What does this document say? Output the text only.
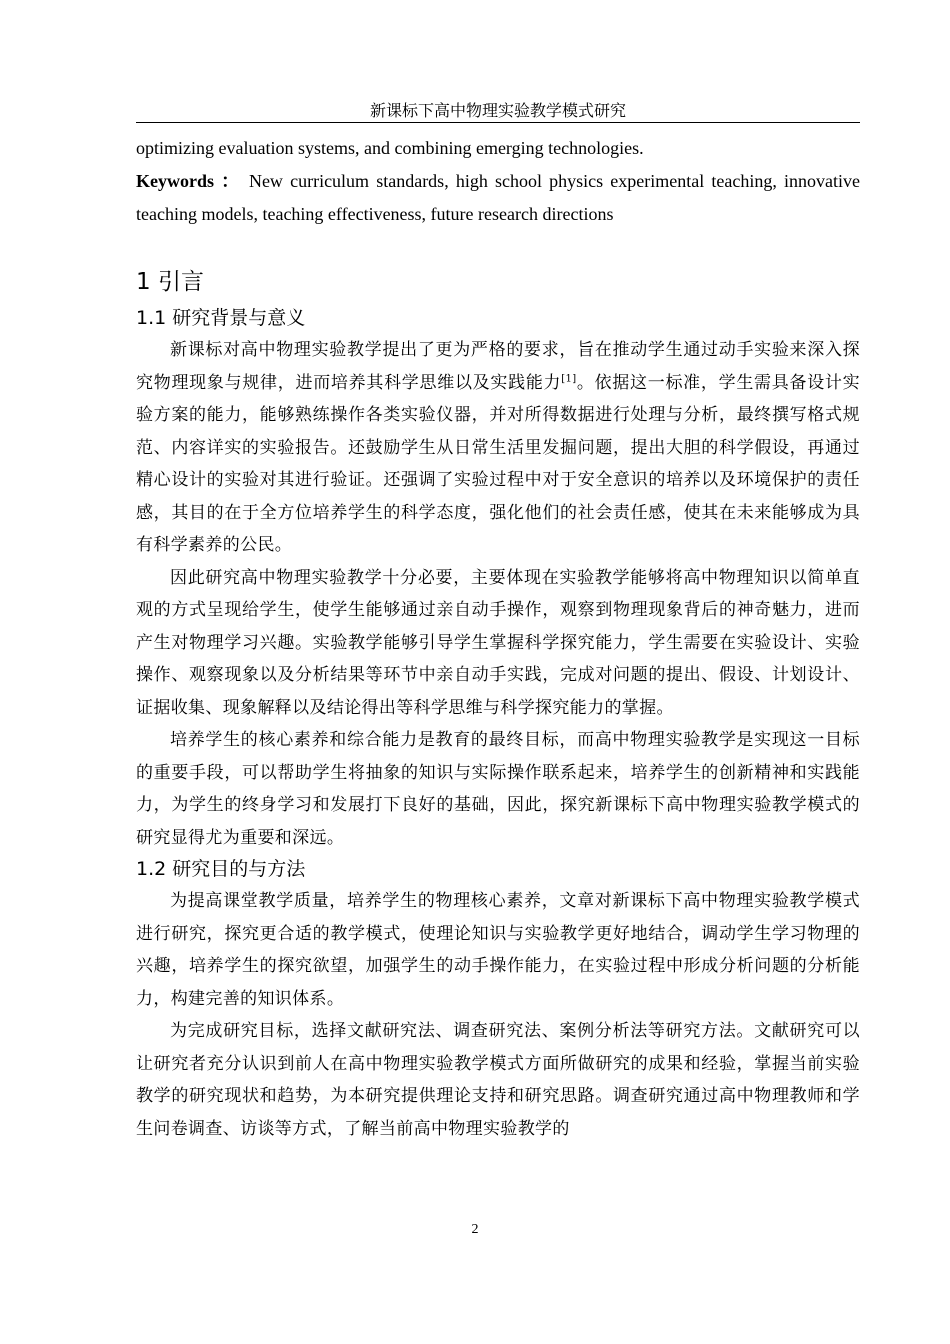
新课标下高中物理实验教学模式研究

optimizing evaluation systems, and combining emerging technologies.

Keywords ： New curriculum standards, high school physics experimental teaching, innovative teaching models, teaching effectiveness, future research directions

1 引言
1.1 研究背景与意义

新课标对高中物理实验教学提出了更为严格的要求，旨在推动学生通过动手实验来深入探究物理现象与规律，进而培养其科学思维以及实践能力[1]。依据这一标准，学生需具备设计实验方案的能力，能够熟练操作各类实验仪器，并对所得数据进行处理与分析，最终撰写格式规范、内容详实的实验报告。还鼓励学生从日常生活里发掘问题，提出大胆的科学假设，再通过精心设计的实验对其进行验证。还强调了实验过程中对于安全意识的培养以及环境保护的责任感，其目的在于全方位培养学生的科学态度，强化他们的社会责任感，使其在未来能够成为具有科学素养的公民。

因此研究高中物理实验教学十分必要，主要体现在实验教学能够将高中物理知识以简单直观的方式呈现给学生，使学生能够通过亲自动手操作，观察到物理现象背后的神奇魅力，进而产生对物理学习兴趣。实验教学能够引导学生掌握科学探究能力，学生需要在实验设计、实验操作、观察现象以及分析结果等环节中亲自动手实践，完成对问题的提出、假设、计划设计、证据收集、现象解释以及结论得出等科学思维与科学探究能力的掌握。

培养学生的核心素养和综合能力是教育的最终目标，而高中物理实验教学是实现这一目标的重要手段，可以帮助学生将抽象的知识与实际操作联系起来，培养学生的创新精神和实践能力，为学生的终身学习和发展打下良好的基础，因此，探究新课标下高中物理实验教学模式的研究显得尤为重要和深远。

1.2 研究目的与方法

为提高课堂教学质量，培养学生的物理核心素养，文章对新课标下高中物理实验教学模式进行研究，探究更合适的教学模式，使理论知识与实验教学更好地结合，调动学生学习物理的兴趣，培养学生的探究欲望，加强学生的动手操作能力，在实验过程中形成分析问题的分析能力，构建完善的知识体系。

为完成研究目标，选择文献研究法、调查研究法、案例分析法等研究方法。文献研究可以让研究者充分认识到前人在高中物理实验教学模式方面所做研究的成果和经验，掌握当前实验教学的研究现状和趋势，为本研究提供理论支持和研究思路。调查研究通过高中物理教师和学生问卷调查、访谈等方式，了解当前高中物理实验教学的

2
